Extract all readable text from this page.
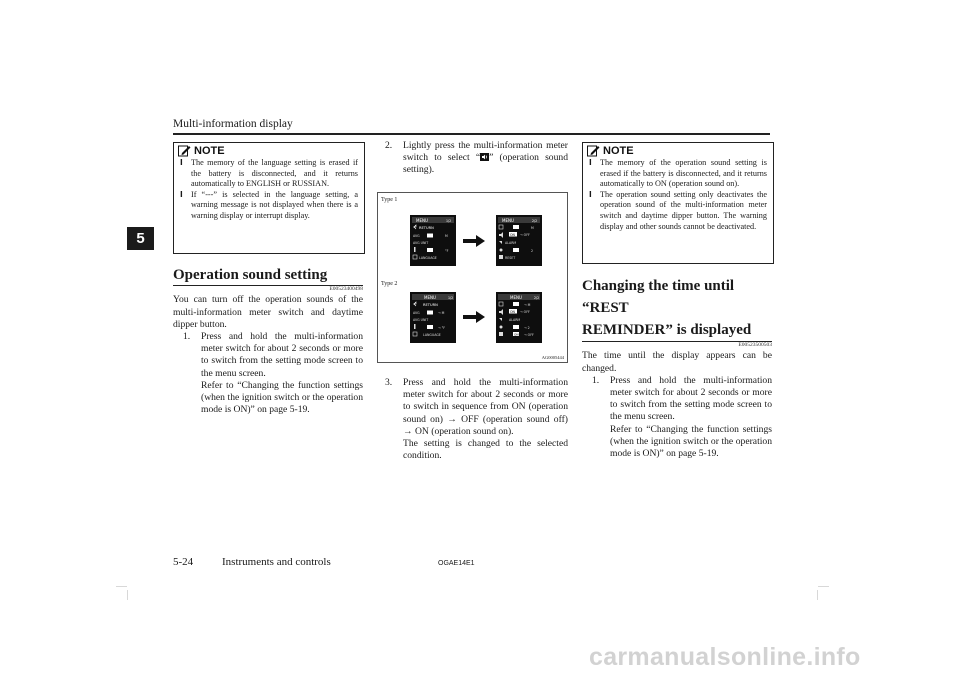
Multi-information display
5
NOTE
l The memory of the language setting is erased if the battery is disconnected, and it returns automatically to ENGLISH or RUSSIAN.
l If “---” is selected in the language setting, a warning message is not displayed when there is a warning display or interrupt display.
Operation sound setting
E00523400498

You can turn off the operation sounds of the multi-information meter switch and daytime dipper button.

1.	Press and hold the multi-information meter switch for about 2 seconds or more to switch from the setting mode screen to the menu screen.

Refer to “Changing the function settings (when the ignition switch or the operation mode is ON)” on page 5-19.

2.	Lightly press the multi-information meter switch to select “ ” (operation sound setting).
Type 1
Type 2
MENU	1/2
RETURN
AVG	M
AVG UNIT
°F
LANGUAGE
MENU	2/2
M
ON → OFF
ALARM
2
RESET
MENU	1/2
RETURN
AVG	→ M
AVG UNIT
→ °F
LANGUAGE
MENU	2/2
→ M
ON → OFF
ALARM
→ 2
ON → OFF
AG0005444
3.	Press and hold the multi-information meter switch for about 2 seconds or more to switch in sequence from ON (operation sound on) → OFF (operation sound off) → ON (operation sound on).

The setting is changed to the selected condition.

NOTE
l The memory of the operation sound setting is erased if the battery is disconnected, and it returns automatically to ON (operation sound on).
l The operation sound setting only deactivates the operation sound of the multi-information meter switch and daytime dipper button. The warning display and other sounds cannot be deactivated.
Changing the time until “REST
REMINDER” is displayed
E00523500503

The time until the display appears can be changed.

1.	Press and hold the multi-information meter switch for about 2 seconds or more to switch from the setting mode screen to the menu screen.

Refer to “Changing the function settings (when the ignition switch or the operation mode is ON)” on page 5-19.

5-24	Instruments and controls	OGAE14E1
carmanualsonline.info
